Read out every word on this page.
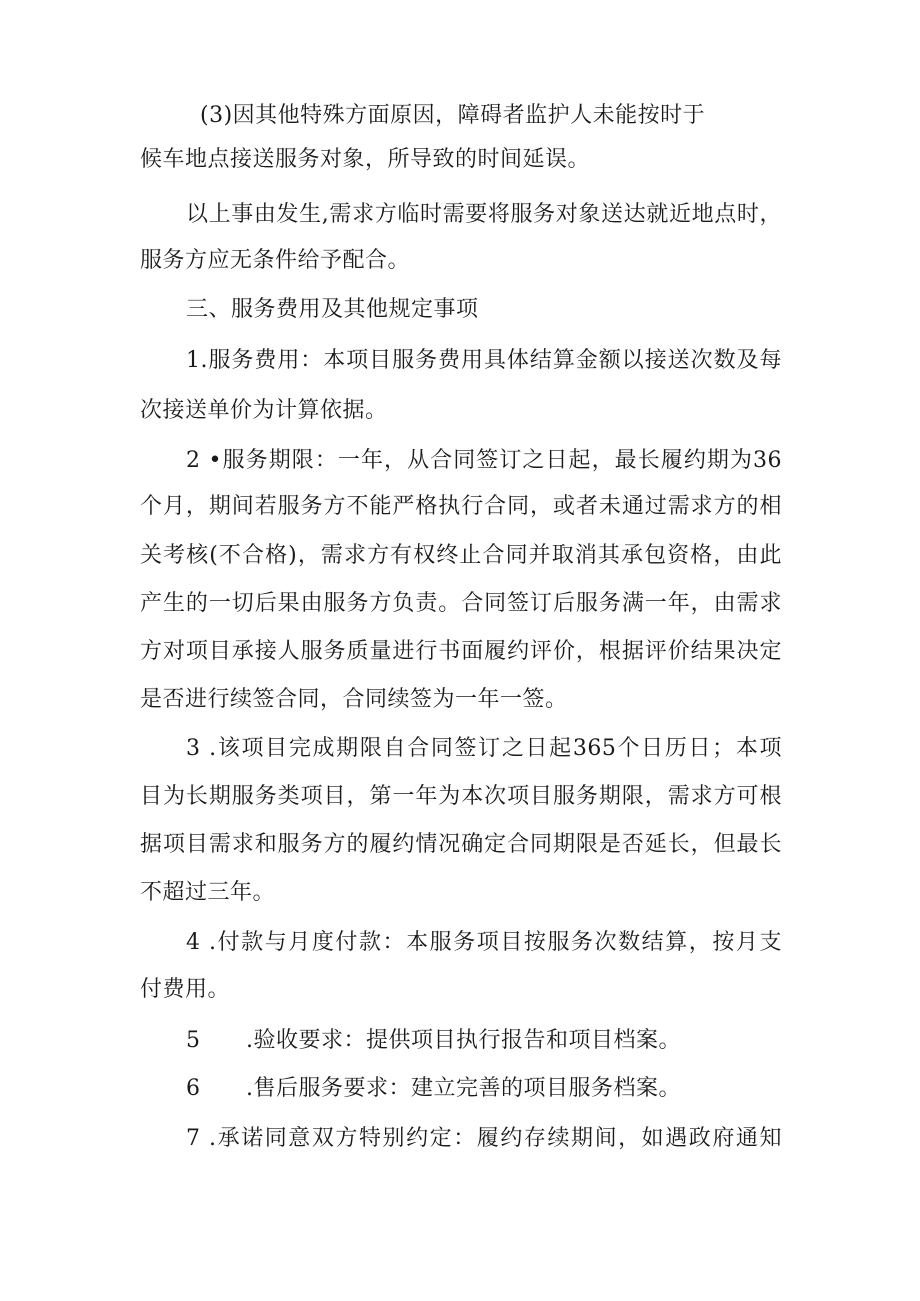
(3)因其他特殊方面原因，障碍者监护人未能按时于
候车地点接送服务对象，所导致的时间延误。
以上事由发生,需求方临时需要将服务对象送达就近地点时，
服务方应无条件给予配合。
三、服务费用及其他规定事项
1.服务费用：本项目服务费用具体结算金额以接送次数及每
次接送单价为计算依据。
2 •服务期限：一年，从合同签订之日起，最长履约期为36
个月，期间若服务方不能严格执行合同，或者未通过需求方的相
关考核(不合格)，需求方有权终止合同并取消其承包资格，由此
产生的一切后果由服务方负责。合同签订后服务满一年，由需求
方对项目承接人服务质量进行书面履约评价，根据评价结果决定
是否进行续签合同，合同续签为一年一签。
3 .该项目完成期限自合同签订之日起365个日历日；本项
目为长期服务类项目，第一年为本次项目服务期限，需求方可根
据项目需求和服务方的履约情况确定合同期限是否延长，但最长
不超过三年。
4 .付款与月度付款：本服务项目按服务次数结算，按月支
付费用。
5 .验收要求：提供项目执行报告和项目档案。
6 .售后服务要求：建立完善的项目服务档案。
7 .承诺同意双方特别约定：履约存续期间，如遇政府通知
